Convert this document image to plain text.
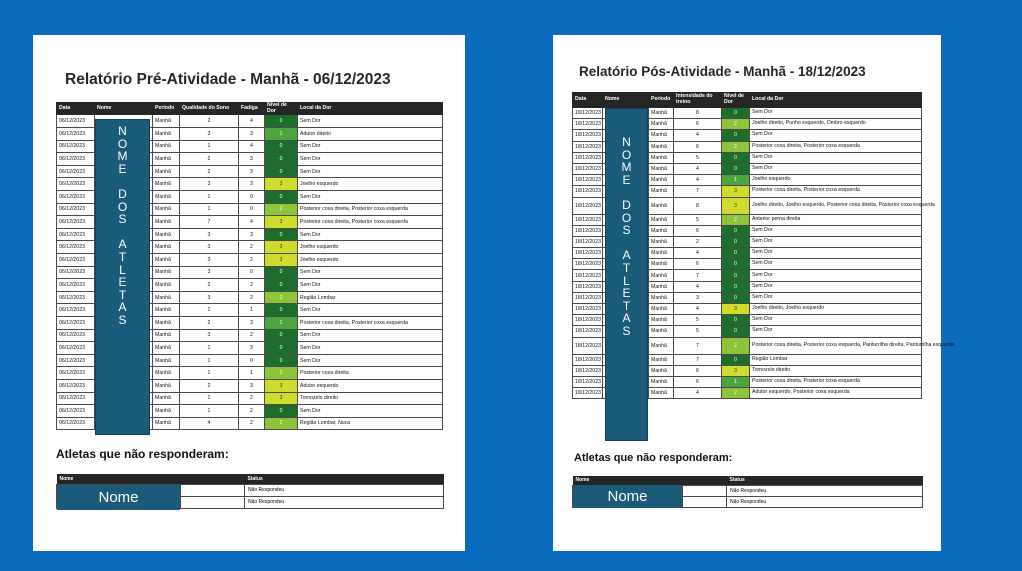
Relatório Pré-Atividade - Manhã - 06/12/2023
Data	Nome	Período	Qualidade do Sono	Fadiga	Nível de Dor	Local da Dor
06/12/2023		Manhã	2	4	0	Sem Dor
06/12/2023		Manhã	3	3	1	Adutor direito
06/12/2023		Manhã	1	4	0	Sem Dor
06/12/2023		Manhã	2	3	0	Sem Dor
06/12/2023		Manhã	2	3	0	Sem Dor
06/12/2023		Manhã	3	3	3	Joelho esquerdo
06/12/2023		Manhã	1	0	0	Sem Dor
06/12/2023		Manhã	1	0	2	Posterior coxa direita, Posterior coxa esquerda
06/12/2023		Manhã	7	4	3	Posterior coxa direita, Posterior coxa esquerda
06/12/2023		Manhã	3	3	0	Sem Dor
06/12/2023		Manhã	3	2	3	Joelho esquerdo
06/12/2023		Manhã	3	2	3	Joelho esquerdo
06/12/2023		Manhã	3	0	0	Sem Dor
06/12/2023		Manhã	2	2	0	Sem Dor
06/12/2023		Manhã	3	2	2	Região Lombar
06/12/2023		Manhã	1	1	0	Sem Dor
06/12/2023		Manhã	2	3	1	Posterior coxa direita, Posterior coxa esquerda
06/12/2023		Manhã	3	2	0	Sem Dor
06/12/2023		Manhã	1	3	0	Sem Dor
06/12/2023		Manhã	1	0	0	Sem Dor
06/12/2023		Manhã	1	1	2	Posterior coxa direita
06/12/2023		Manhã	2	3	3	Adutor esquerdo
06/12/2023		Manhã	1	2	3	Tornozelo direito
06/12/2023		Manhã	1	2	0	Sem Dor
06/12/2023		Manhã	4	2	2	Região Lombar, Nuca
N
O
M
E
D
O
S
A
T
L
E
T
A
S
Atletas que não responderam:
Nome		Status
		Não Respondeu
		Não Respondeu
Nome
Relatório Pós-Atividade - Manhã - 18/12/2023
Data	Nome	Período	Intensidade do treino	Nível de Dor	Local da Dor
18/12/2023		Manhã	8	0	Sem Dor
18/12/2023		Manhã	6	2	Joelho direito, Punho esquerdo, Ombro esquerdo
18/12/2023		Manhã	4	0	Sem Dor
18/12/2023		Manhã	6	2	Posterior coxa direita, Posterior coxa esquerda
18/12/2023		Manhã	5	0	Sem Dor
18/12/2023		Manhã	4	0	Sem Dor
18/12/2023		Manhã	4	1	Joelho esquerdo
18/12/2023		Manhã	7	3	Posterior coxa direita, Posterior coxa esquerda
18/12/2023		Manhã	8	3	Joelho direito, Joelho esquerdo, Posterior coxa direita, Posterior coxa esquerda
18/12/2023		Manhã	5	2	Anterior perna direita
18/12/2023		Manhã	6	0	Sem Dor
18/12/2023		Manhã	2	0	Sem Dor
18/12/2023		Manhã	4	0	Sem Dor
18/12/2023		Manhã	6	0	Sem Dor
18/12/2023		Manhã	7	0	Sem Dor
18/12/2023		Manhã	4	0	Sem Dor
18/12/2023		Manhã	3	0	Sem Dor
18/12/2023		Manhã	4	3	Joelho direito, Joelho esquerdo
18/12/2023		Manhã	5	0	Sem Dor
18/12/2023		Manhã	5	0	Sem Dor
18/12/2023		Manhã	7	2	Posterior coxa direita, Posterior coxa esquerda, Panturrilha direita, Panturrilha esquerda
18/12/2023		Manhã	7	0	Região Lombar
18/12/2023		Manhã	6	3	Tornozelo direito
18/12/2023		Manhã	6	1	Posterior coxa direita, Posterior coxa esquerda
18/12/2023		Manhã	4	2	Adutor esquerdo, Posterior coxa esquerda
N
O
M
E
D
O
S
A
T
L
E
T
A
S
Atletas que não responderam:
Nome		Status
		Não Respondeu
		Não Respondeu
Nome
